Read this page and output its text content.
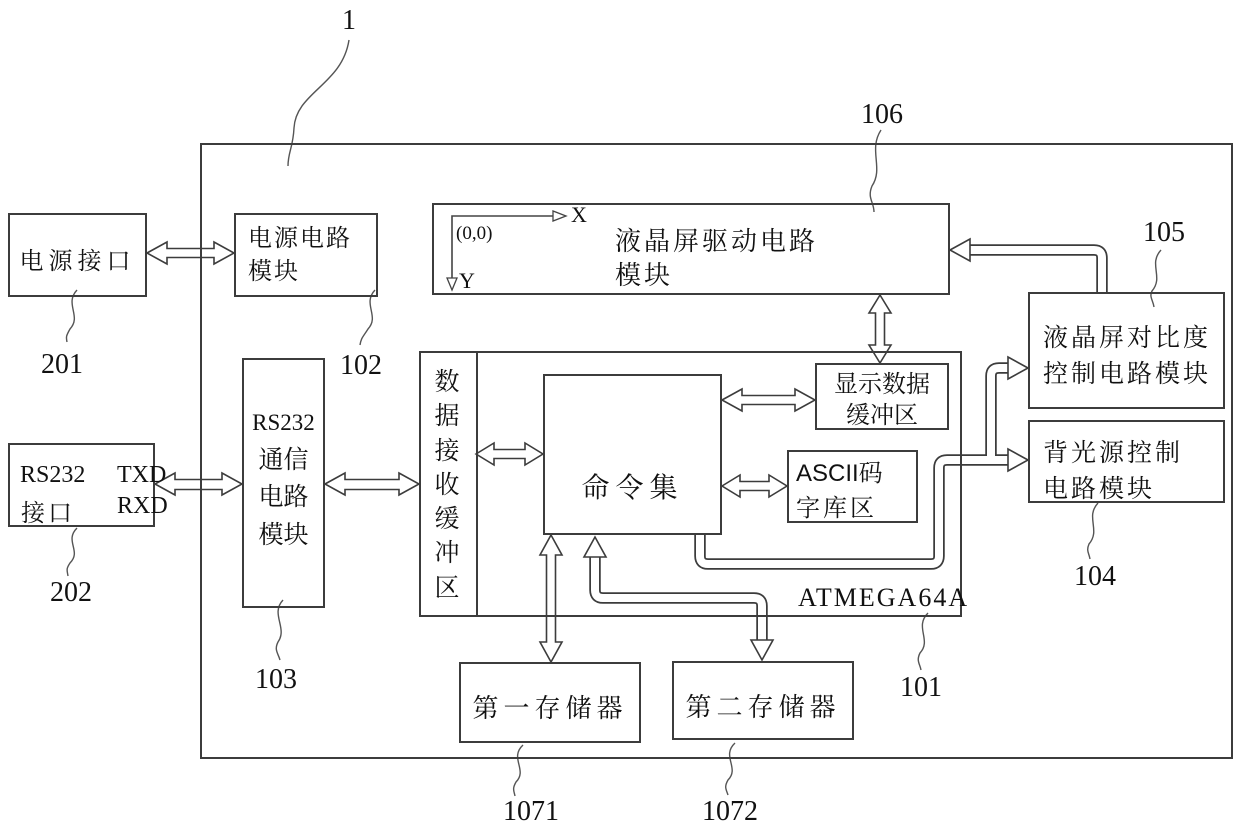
电源接口
电源电路
模块
液晶屏驱动电路
模块
(0,0)
X
Y
RS232 TXD
接口 RXD
RS232
通信
电路
模块
数据接收缓冲区
命令集
显示数据
缓冲区
ASCII码
字库区
液晶屏对比度
控制电路模块
背光源控制
电路模块
第一存储器	第二存储器
ATMEGA64A
1
106
105
201	102
202
103	101
104
1071	1072
